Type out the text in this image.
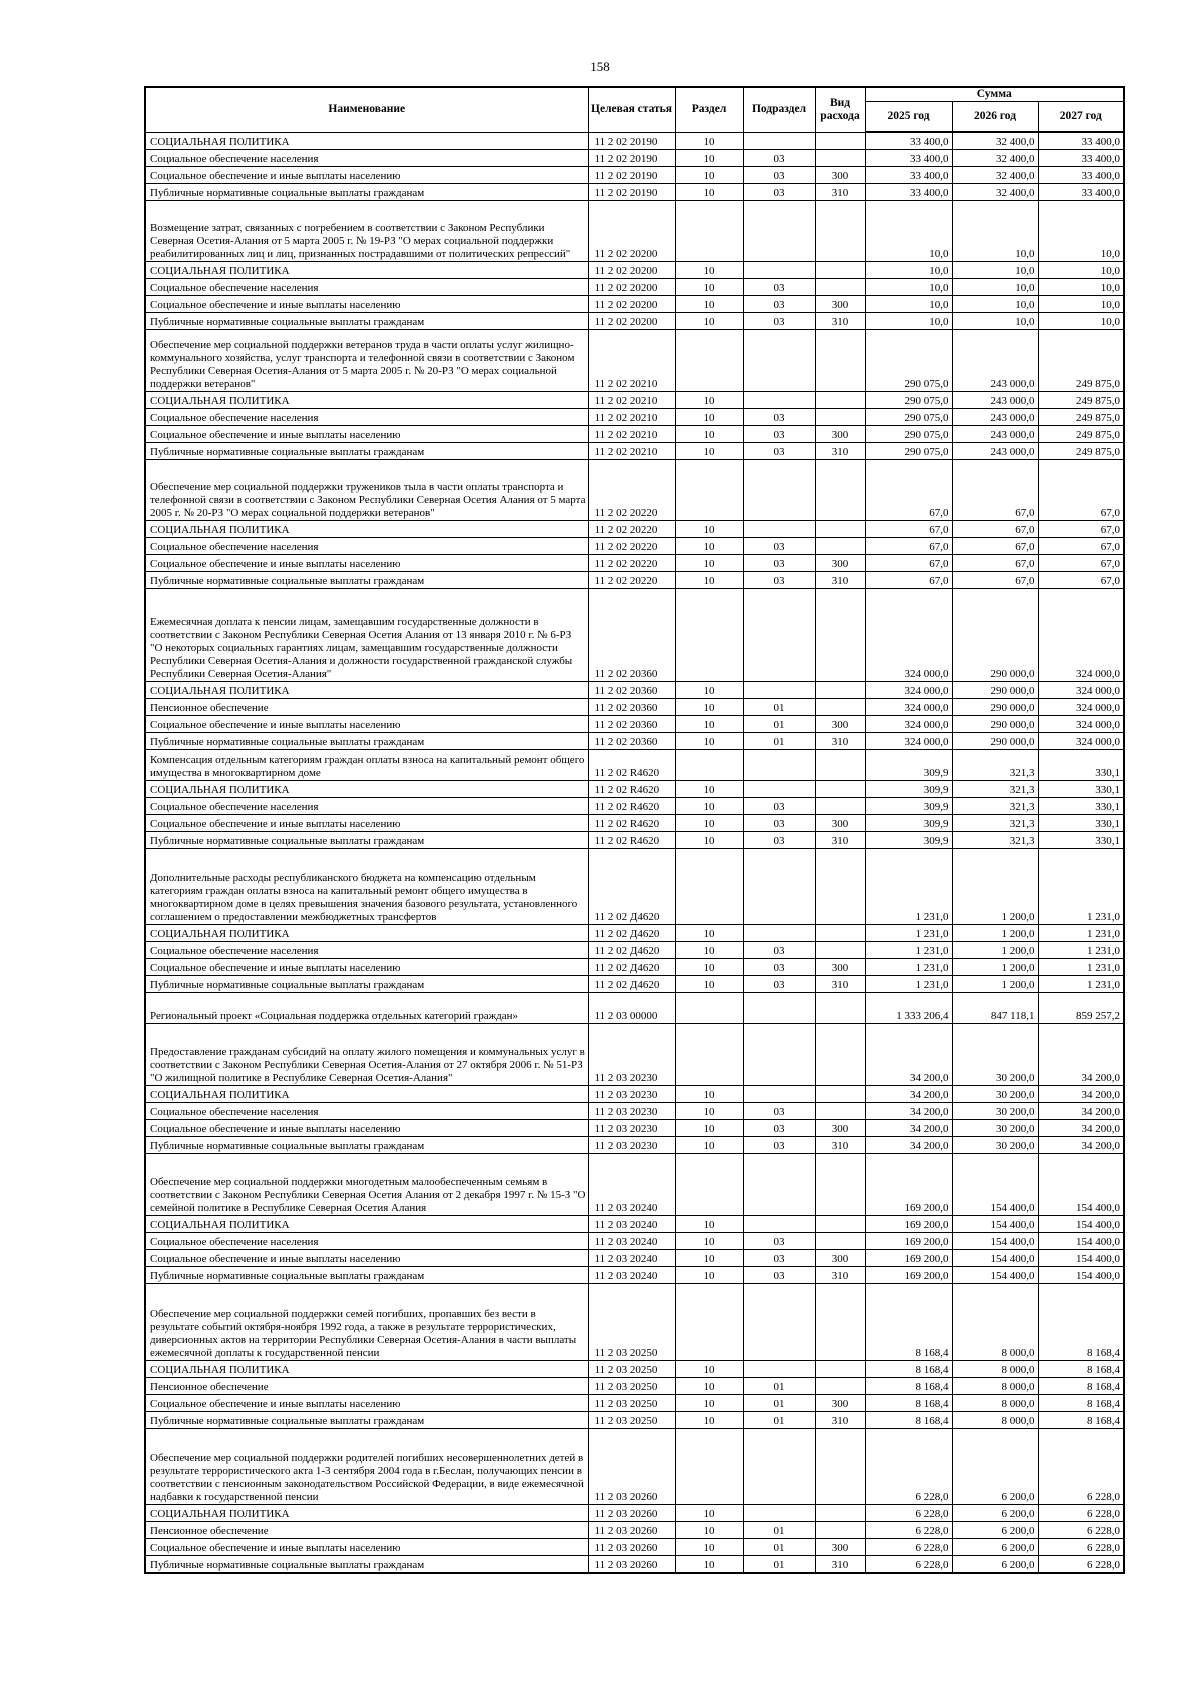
158
Наименование	Целевая статья	Раздел	Подраздел	Вид расхода	Сумма		
					2025 год	2026 год	2027 год
СОЦИАЛЬНАЯ ПОЛИТИКА	11 2 02 20190	10			33 400,0	32 400,0	33 400,0
Социальное обеспечение населения	11 2 02 20190	10	03		33 400,0	32 400,0	33 400,0
Социальное обеспечение и иные выплаты населению	11 2 02 20190	10	03	300	33 400,0	32 400,0	33 400,0
Публичные нормативные социальные выплаты гражданам	11 2 02 20190	10	03	310	33 400,0	32 400,0	33 400,0
Возмещение затрат, связанных с погребением в соответствии с Законом Республики Северная Осетия-Алания от 5 марта 2005 г. № 19-РЗ "О мерах социальной поддержки реабилитированных лиц и лиц, признанных пострадавшими от политических репрессий"	11 2 02 20200				10,0	10,0	10,0
СОЦИАЛЬНАЯ ПОЛИТИКА	11 2 02 20200	10			10,0	10,0	10,0
Социальное обеспечение населения	11 2 02 20200	10	03		10,0	10,0	10,0
Социальное обеспечение и иные выплаты населению	11 2 02 20200	10	03	300	10,0	10,0	10,0
Публичные нормативные социальные выплаты гражданам	11 2 02 20200	10	03	310	10,0	10,0	10,0
Обеспечение мер социальной поддержки ветеранов труда в части оплаты услуг жилищно-коммунального хозяйства, услуг транспорта и телефонной связи в соответствии с Законом Республики Северная Осетия-Алания от 5 марта 2005 г. № 20-РЗ "О мерах социальной поддержки ветеранов"	11 2 02 20210				290 075,0	243 000,0	249 875,0
СОЦИАЛЬНАЯ ПОЛИТИКА	11 2 02 20210	10			290 075,0	243 000,0	249 875,0
Социальное обеспечение населения	11 2 02 20210	10	03		290 075,0	243 000,0	249 875,0
Социальное обеспечение и иные выплаты населению	11 2 02 20210	10	03	300	290 075,0	243 000,0	249 875,0
Публичные нормативные социальные выплаты гражданам	11 2 02 20210	10	03	310	290 075,0	243 000,0	249 875,0
Обеспечение мер социальной поддержки тружеников тыла в части оплаты транспорта и телефонной связи в соответствии с Законом Республики Северная Осетия Алания от 5 марта 2005 г. № 20-РЗ "О мерах социальной поддержки ветеранов"	11 2 02 20220				67,0	67,0	67,0
СОЦИАЛЬНАЯ ПОЛИТИКА	11 2 02 20220	10			67,0	67,0	67,0
Социальное обеспечение населения	11 2 02 20220	10	03		67,0	67,0	67,0
Социальное обеспечение и иные выплаты населению	11 2 02 20220	10	03	300	67,0	67,0	67,0
Публичные нормативные социальные выплаты гражданам	11 2 02 20220	10	03	310	67,0	67,0	67,0
Ежемесячная доплата к пенсии лицам, замещавшим государственные должности в соответствии с Законом Республики Северная Осетия Алания от 13 января 2010 г. № 6-РЗ "О некоторых социальных гарантиях лицам, замещавшим государственные должности Республики Северная Осетия-Алания и должности государственной гражданской службы Республики Северная Осетия-Алания"	11 2 02 20360				324 000,0	290 000,0	324 000,0
СОЦИАЛЬНАЯ ПОЛИТИКА	11 2 02 20360	10			324 000,0	290 000,0	324 000,0
Пенсионное обеспечение	11 2 02 20360	10	01		324 000,0	290 000,0	324 000,0
Социальное обеспечение и иные выплаты населению	11 2 02 20360	10	01	300	324 000,0	290 000,0	324 000,0
Публичные нормативные социальные выплаты гражданам	11 2 02 20360	10	01	310	324 000,0	290 000,0	324 000,0
Компенсация отдельным категориям граждан оплаты взноса на капитальный ремонт общего имущества в многоквартирном доме	11 2 02 R4620				309,9	321,3	330,1
СОЦИАЛЬНАЯ ПОЛИТИКА	11 2 02 R4620	10			309,9	321,3	330,1
Социальное обеспечение населения	11 2 02 R4620	10	03		309,9	321,3	330,1
Социальное обеспечение и иные выплаты населению	11 2 02 R4620	10	03	300	309,9	321,3	330,1
Публичные нормативные социальные выплаты гражданам	11 2 02 R4620	10	03	310	309,9	321,3	330,1
Дополнительные расходы республиканского бюджета на компенсацию отдельным категориям граждан оплаты взноса на капитальный ремонт общего имущества в многоквартирном доме в целях превышения значения базового результата, установленного соглашением о предоставлении межбюджетных трансфертов	11 2 02 Д4620				1 231,0	1 200,0	1 231,0
СОЦИАЛЬНАЯ ПОЛИТИКА	11 2 02 Д4620	10			1 231,0	1 200,0	1 231,0
Социальное обеспечение населения	11 2 02 Д4620	10	03		1 231,0	1 200,0	1 231,0
Социальное обеспечение и иные выплаты населению	11 2 02 Д4620	10	03	300	1 231,0	1 200,0	1 231,0
Публичные нормативные социальные выплаты гражданам	11 2 02 Д4620	10	03	310	1 231,0	1 200,0	1 231,0
Региональный проект «Социальная поддержка отдельных категорий граждан»	11 2 03 00000				1 333 206,4	847 118,1	859 257,2
Предоставление гражданам субсидий на оплату жилого помещения и коммунальных услуг в соответствии с Законом Республики Северная Осетия-Алания от 27 октября 2006 г. № 51-РЗ "О жилищной политике в Республике Северная Осетия-Алания"	11 2 03 20230				34 200,0	30 200,0	34 200,0
СОЦИАЛЬНАЯ ПОЛИТИКА	11 2 03 20230	10			34 200,0	30 200,0	34 200,0
Социальное обеспечение населения	11 2 03 20230	10	03		34 200,0	30 200,0	34 200,0
Социальное обеспечение и иные выплаты населению	11 2 03 20230	10	03	300	34 200,0	30 200,0	34 200,0
Публичные нормативные социальные выплаты гражданам	11 2 03 20230	10	03	310	34 200,0	30 200,0	34 200,0
Обеспечение мер социальной поддержки многодетным малообеспеченным семьям в соответствии с Законом Республики Северная Осетия Алания от 2 декабря 1997 г. № 15-З "О семейной политике в Республике Северная Осетия Алания	11 2 03 20240				169 200,0	154 400,0	154 400,0
СОЦИАЛЬНАЯ ПОЛИТИКА	11 2 03 20240	10			169 200,0	154 400,0	154 400,0
Социальное обеспечение населения	11 2 03 20240	10	03		169 200,0	154 400,0	154 400,0
Социальное обеспечение и иные выплаты населению	11 2 03 20240	10	03	300	169 200,0	154 400,0	154 400,0
Публичные нормативные социальные выплаты гражданам	11 2 03 20240	10	03	310	169 200,0	154 400,0	154 400,0
Обеспечение мер социальной поддержки семей погибших, пропавших без вести в результате событий октября-ноября 1992 года, а также в результате террористических, диверсионных актов на территории Республики Северная Осетия-Алания в части выплаты ежемесячной доплаты к государственной пенсии	11 2 03 20250				8 168,4	8 000,0	8 168,4
СОЦИАЛЬНАЯ ПОЛИТИКА	11 2 03 20250	10			8 168,4	8 000,0	8 168,4
Пенсионное обеспечение	11 2 03 20250	10	01		8 168,4	8 000,0	8 168,4
Социальное обеспечение и иные выплаты населению	11 2 03 20250	10	01	300	8 168,4	8 000,0	8 168,4
Публичные нормативные социальные выплаты гражданам	11 2 03 20250	10	01	310	8 168,4	8 000,0	8 168,4
Обеспечение мер социальной поддержки родителей погибших несовершеннолетних детей в результате террористического акта 1-3 сентября 2004 года в г.Беслан, получающих пенсии в соответствии с пенсионным законодательством Российской Федерации, в виде ежемесячной надбавки к государственной пенсии	11 2 03 20260				6 228,0	6 200,0	6 228,0
СОЦИАЛЬНАЯ ПОЛИТИКА	11 2 03 20260	10			6 228,0	6 200,0	6 228,0
Пенсионное обеспечение	11 2 03 20260	10	01		6 228,0	6 200,0	6 228,0
Социальное обеспечение и иные выплаты населению	11 2 03 20260	10	01	300	6 228,0	6 200,0	6 228,0
Публичные нормативные социальные выплаты гражданам	11 2 03 20260	10	01	310	6 228,0	6 200,0	6 228,0
